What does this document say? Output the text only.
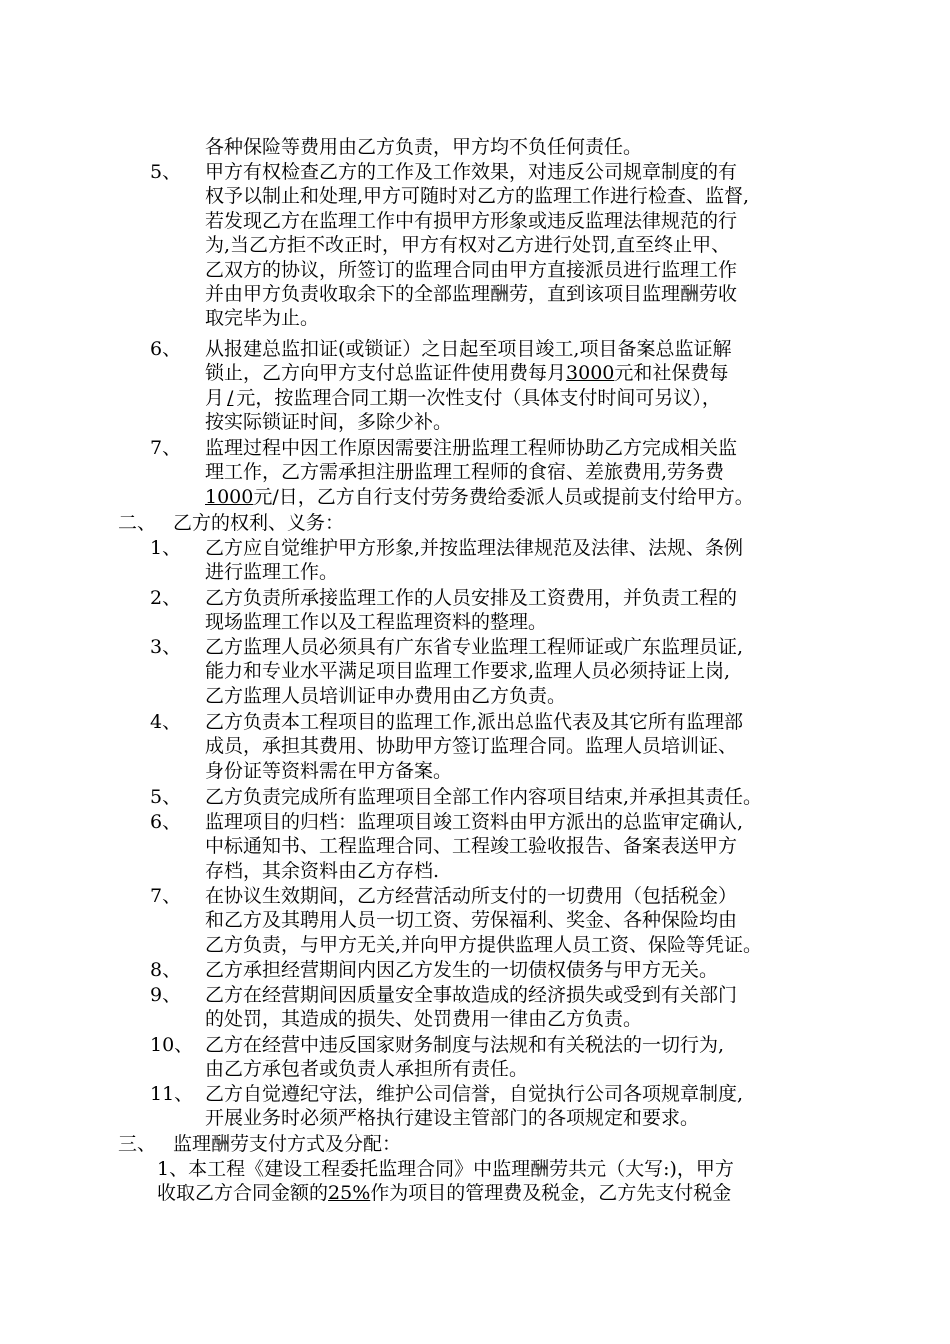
各种保险等费用由乙方负责，甲方均不负任何责任。
5、 甲方有权检查乙方的工作及工作效果，对违反公司规章制度的有
权予以制止和处理,甲方可随时对乙方的监理工作进行检查、监督,
若发现乙方在监理工作中有损甲方形象或违反监理法律规范的行
为,当乙方拒不改正时，甲方有权对乙方进行处罚,直至终止甲、
乙双方的协议，所签订的监理合同由甲方直接派员进行监理工作
并由甲方负责收取余下的全部监理酬劳，直到该项目监理酬劳收
取完毕为止。
6、 从报建总监扣证(或锁证）之日起至项目竣工,项目备案总监证解
锁止，乙方向甲方支付总监证件使用费每月3000元和社保费每
月 / 元，按监理合同工期一次性支付（具体支付时间可另议），
按实际锁证时间，多除少补。
7、 监理过程中因工作原因需要注册监理工程师协助乙方完成相关监
理工作，乙方需承担注册监理工程师的食宿、差旅费用,劳务费
1000元/日，乙方自行支付劳务费给委派人员或提前支付给甲方。
二、 乙方的权利、义务：
1、 乙方应自觉维护甲方形象,并按监理法律规范及法律、法规、条例
进行监理工作。
2、 乙方负责所承接监理工作的人员安排及工资费用，并负责工程的
现场监理工作以及工程监理资料的整理。
3、 乙方监理人员必须具有广东省专业监理工程师证或广东监理员证,
能力和专业水平满足项目监理工作要求,监理人员必须持证上岗,
乙方监理人员培训证申办费用由乙方负责。
4、 乙方负责本工程项目的监理工作,派出总监代表及其它所有监理部
成员，承担其费用、协助甲方签订监理合同。监理人员培训证、
身份证等资料需在甲方备案。
5、 乙方负责完成所有监理项目全部工作内容项目结束,并承担其责任。
6、 监理项目的归档：监理项目竣工资料由甲方派出的总监审定确认,
中标通知书、工程监理合同、工程竣工验收报告、备案表送甲方
存档，其余资料由乙方存档.
7、 在协议生效期间，乙方经营活动所支付的一切费用（包括税金）
和乙方及其聘用人员一切工资、劳保福利、奖金、各种保险均由
乙方负责，与甲方无关,并向甲方提供监理人员工资、保险等凭证。
8、 乙方承担经营期间内因乙方发生的一切债权债务与甲方无关。
9、 乙方在经营期间因质量安全事故造成的经济损失或受到有关部门
的处罚，其造成的损失、处罚费用一律由乙方负责。
10、 乙方在经营中违反国家财务制度与法规和有关税法的一切行为,
由乙方承包者或负责人承担所有责任。
11、 乙方自觉遵纪守法，维护公司信誉，自觉执行公司各项规章制度,
开展业务时必须严格执行建设主管部门的各项规定和要求。
三、 监理酬劳支付方式及分配：
1、本工程《建设工程委托监理合同》中监理酬劳共元（大写:)，甲方
收取乙方合同金额的25%作为项目的管理费及税金，乙方先支付税金
